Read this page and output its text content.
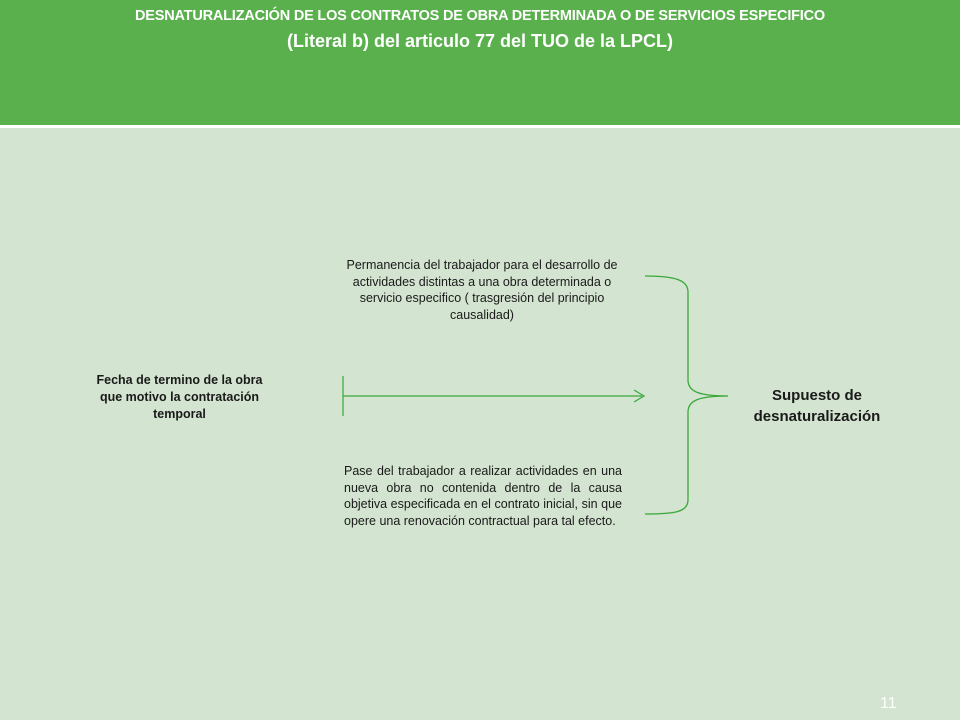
DESNATURALIZACIÓN DE LOS CONTRATOS DE OBRA DETERMINADA O DE SERVICIOS ESPECIFICO
(Literal b) del articulo 77 del TUO de la LPCL)
Permanencia del trabajador para el desarrollo de actividades distintas a una obra determinada o servicio especifico ( trasgresión del principio causalidad)
Pase del trabajador a realizar actividades en una nueva obra no contenida dentro de la causa objetiva especificada en el contrato inicial, sin que opere una renovación contractual para tal efecto.
Fecha de termino de la obra que motivo la contratación temporal
Supuesto de desnaturalización
11
